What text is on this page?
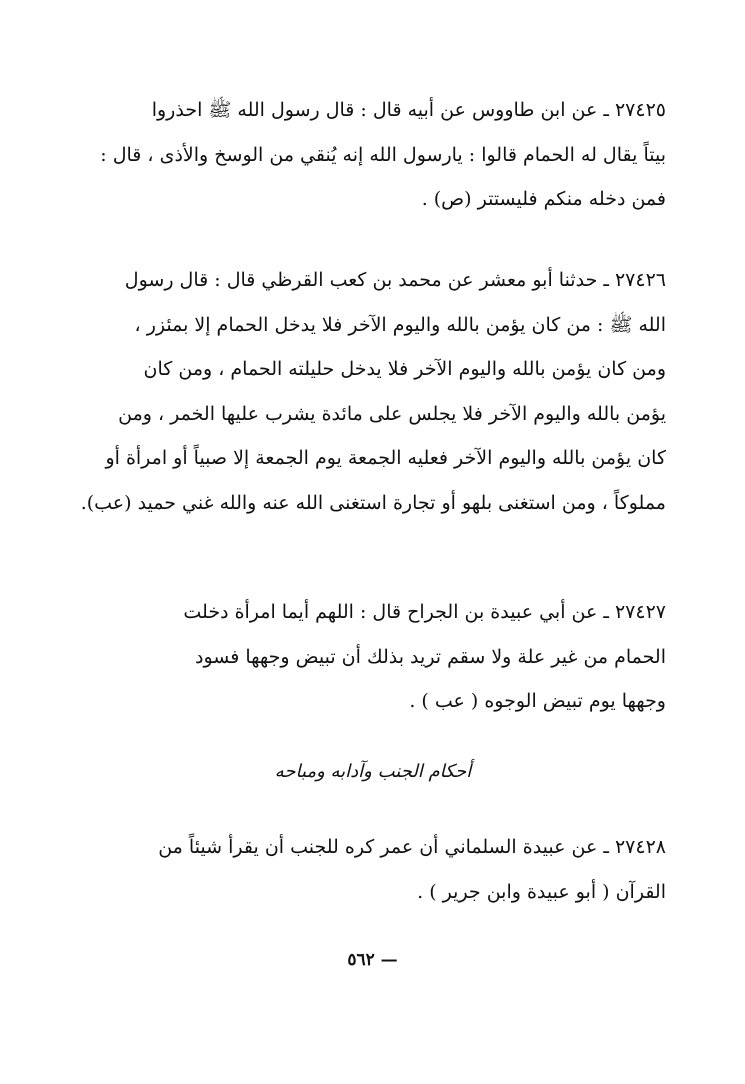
٢٧٤٢٥ ـ عن ابن طاووس عن أبيه قال : قال رسول الله ﷺ احذروا
بيتاً يقال له الحمام قالوا : يارسول الله إنه يُنقي من الوسخ والأذى ، قال :
فمن دخله منكم فليستتر (ص) .
٢٧٤٢٦ ـ حدثنا أبو معشر عن محمد بن كعب القرظي قال : قال رسول
الله ﷺ : من كان يؤمن بالله واليوم الآخر فلا يدخل الحمام إلا بمئزر ،
ومن كان يؤمن بالله واليوم الآخر فلا يدخل حليلته الحمام ، ومن كان
يؤمن بالله واليوم الآخر فلا يجلس على مائدة يشرب عليها الخمر ، ومن
كان يؤمن بالله واليوم الآخر فعليه الجمعة يوم الجمعة إلا صبياً أو امرأة أو
مملوكاً ، ومن استغنى بلهو أو تجارة استغنى الله عنه والله غني حميد (عب).
٢٧٤٢٧ ـ عن أبي عبيدة بن الجراح قال : اللهم أيما امرأة دخلت
الحمام من غير علة ولا سقم تريد بذلك أن تبيض وجهها فسود
وجهها يوم تبيض الوجوه ( عب ) .
أحكام الجنب وآدابه ومباحه
٢٧٤٢٨ ـ عن عبيدة السلماني أن عمر كره للجنب أن يقرأ شيئاً من
القرآن ( أبو عبيدة وابن جرير ) .
— ٥٦٢
